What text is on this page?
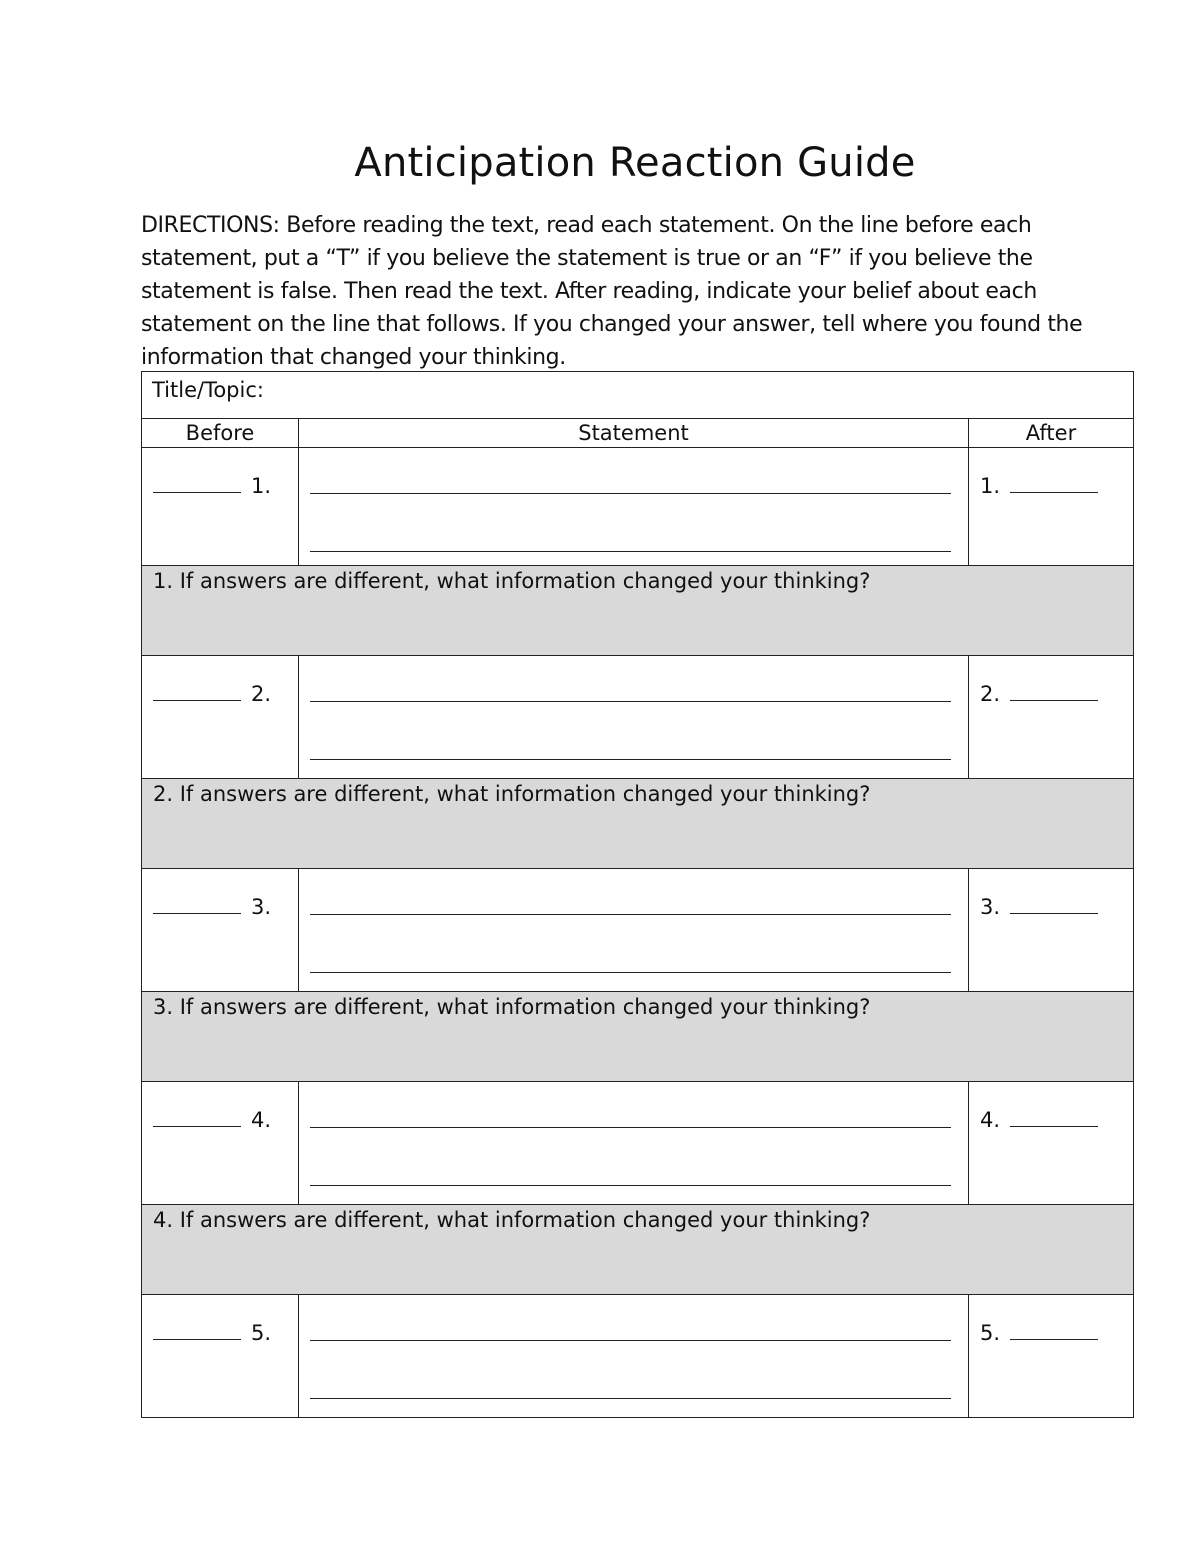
Anticipation Reaction Guide
DIRECTIONS: Before reading the text, read each statement. On the line before each statement, put a “T” if you believe the statement is true or an “F” if you believe the statement is false. Then read the text. After reading, indicate your belief about each statement on the line that follows. If you changed your answer, tell where you found the information that changed your thinking.
Title/Topic:		
Before	Statement	After

1.		1.

1. If answers are different, what information changed your thinking?		

2.		2.

2. If answers are different, what information changed your thinking?		

3.		3.

3. If answers are different, what information changed your thinking?		

4.		4.

4. If answers are different, what information changed your thinking?		

5.		5.
